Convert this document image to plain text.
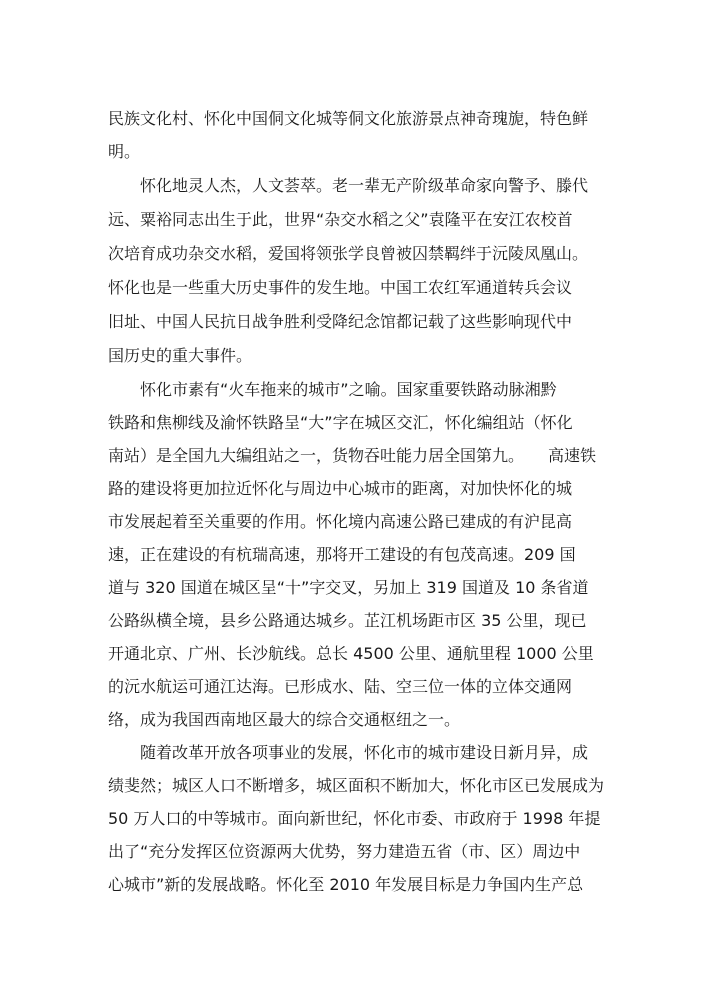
民族文化村、怀化中国侗文化城等侗文化旅游景点神奇瑰旎，特色鲜
明。
怀化地灵人杰，人文荟萃。老一辈无产阶级革命家向警予、滕代
远、粟裕同志出生于此，世界“杂交水稻之父”袁隆平在安江农校首
次培育成功杂交水稻，爱国将领张学良曾被囚禁羁绊于沅陵凤凰山。
怀化也是一些重大历史事件的发生地。中国工农红军通道转兵会议
旧址、中国人民抗日战争胜利受降纪念馆都记载了这些影响现代中
国历史的重大事件。
怀化市素有“火车拖来的城市”之喻。国家重要铁路动脉湘黔
铁路和焦柳线及渝怀铁路呈“大”字在城区交汇，怀化编组站（怀化
南站）是全国九大编组站之一，货物吞吐能力居全国第九。　　高速铁
路的建设将更加拉近怀化与周边中心城市的距离，对加快怀化的城
市发展起着至关重要的作用。怀化境内高速公路已建成的有沪昆高
速，正在建设的有杭瑞高速，那将开工建设的有包茂高速。209 国
道与 320 国道在城区呈“十”字交叉，另加上 319 国道及 10 条省道
公路纵横全境，县乡公路通达城乡。芷江机场距市区 35 公里，现已
开通北京、广州、长沙航线。总长 4500 公里、通航里程 1000 公里
的沅水航运可通江达海。已形成水、陆、空三位一体的立体交通网
络，成为我国西南地区最大的综合交通枢纽之一。
随着改革开放各项事业的发展，怀化市的城市建设日新月异，成
绩斐然；城区人口不断增多，城区面积不断加大，怀化市区已发展成为
50 万人口的中等城市。面向新世纪，怀化市委、市政府于 1998 年提
出了“充分发挥区位资源两大优势，努力建造五省（市、区）周边中
心城市”新的发展战略。怀化至 2010 年发展目标是力争国内生产总
